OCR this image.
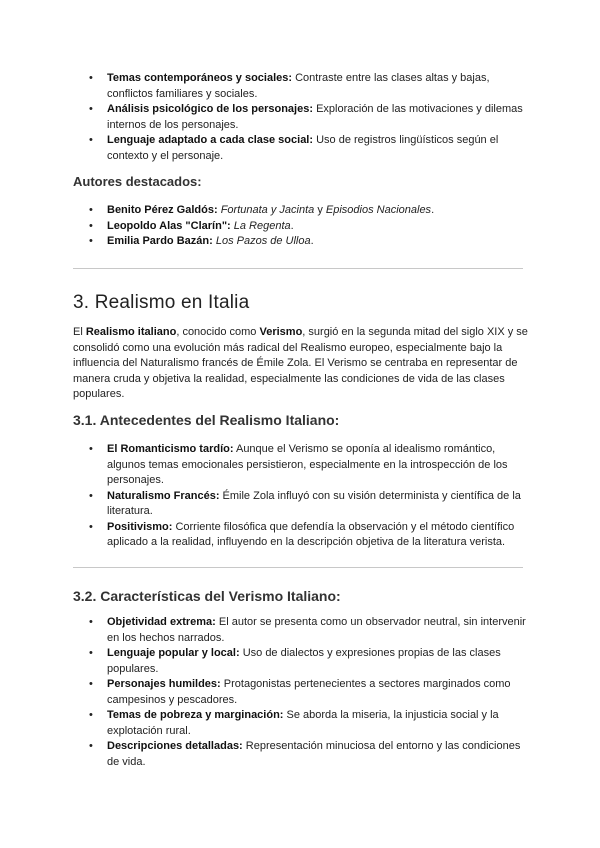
• Temas contemporáneos y sociales: Contraste entre las clases altas y bajas, conflictos familiares y sociales.
• Análisis psicológico de los personajes: Exploración de las motivaciones y dilemas internos de los personajes.
• Lenguaje adaptado a cada clase social: Uso de registros lingüísticos según el contexto y el personaje.
Autores destacados:
• Benito Pérez Galdós: Fortunata y Jacinta y Episodios Nacionales.
• Leopoldo Alas "Clarín": La Regenta.
• Emilia Pardo Bazán: Los Pazos de Ulloa.
3. Realismo en Italia

El Realismo italiano, conocido como Verismo, surgió en la segunda mitad del siglo XIX y se consolidó como una evolución más radical del Realismo europeo, especialmente bajo la influencia del Naturalismo francés de Émile Zola. El Verismo se centraba en representar de manera cruda y objetiva la realidad, especialmente las condiciones de vida de las clases populares.

3.1. Antecedentes del Realismo Italiano:
• El Romanticismo tardío: Aunque el Verismo se oponía al idealismo romántico, algunos temas emocionales persistieron, especialmente en la introspección de los personajes.
• Naturalismo Francés: Émile Zola influyó con su visión determinista y científica de la literatura.
• Positivismo: Corriente filosófica que defendía la observación y el método científico aplicado a la realidad, influyendo en la descripción objetiva de la literatura verista.
3.2. Características del Verismo Italiano:
• Objetividad extrema: El autor se presenta como un observador neutral, sin intervenir en los hechos narrados.
• Lenguaje popular y local: Uso de dialectos y expresiones propias de las clases populares.
• Personajes humildes: Protagonistas pertenecientes a sectores marginados como campesinos y pescadores.
• Temas de pobreza y marginación: Se aborda la miseria, la injusticia social y la explotación rural.
• Descripciones detalladas: Representación minuciosa del entorno y las condiciones de vida.
